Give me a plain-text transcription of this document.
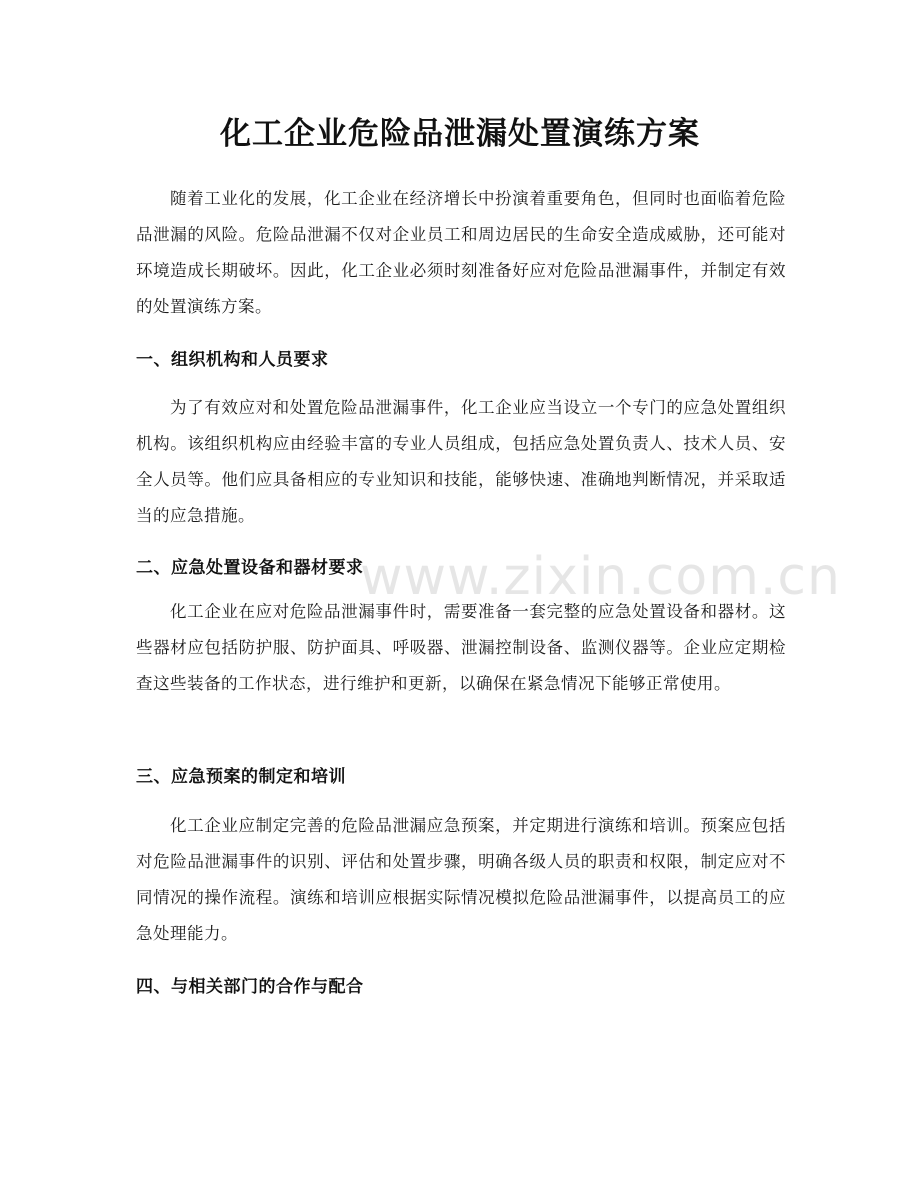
化工企业危险品泄漏处置演练方案

随着工业化的发展，化工企业在经济增长中扮演着重要角色，但同时也面临着危险品泄漏的风险。危险品泄漏不仅对企业员工和周边居民的生命安全造成威胁，还可能对环境造成长期破坏。因此，化工企业必须时刻准备好应对危险品泄漏事件，并制定有效的处置演练方案。

一、组织机构和人员要求

为了有效应对和处置危险品泄漏事件，化工企业应当设立一个专门的应急处置组织机构。该组织机构应由经验丰富的专业人员组成，包括应急处置负责人、技术人员、安全人员等。他们应具备相应的专业知识和技能，能够快速、准确地判断情况，并采取适当的应急措施。

二、应急处置设备和器材要求

化工企业在应对危险品泄漏事件时，需要准备一套完整的应急处置设备和器材。这些器材应包括防护服、防护面具、呼吸器、泄漏控制设备、监测仪器等。企业应定期检查这些装备的工作状态，进行维护和更新，以确保在紧急情况下能够正常使用。

三、应急预案的制定和培训

化工企业应制定完善的危险品泄漏应急预案，并定期进行演练和培训。预案应包括对危险品泄漏事件的识别、评估和处置步骤，明确各级人员的职责和权限，制定应对不同情况的操作流程。演练和培训应根据实际情况模拟危险品泄漏事件，以提高员工的应急处理能力。

四、与相关部门的合作与配合
www.zixin.com.cn
